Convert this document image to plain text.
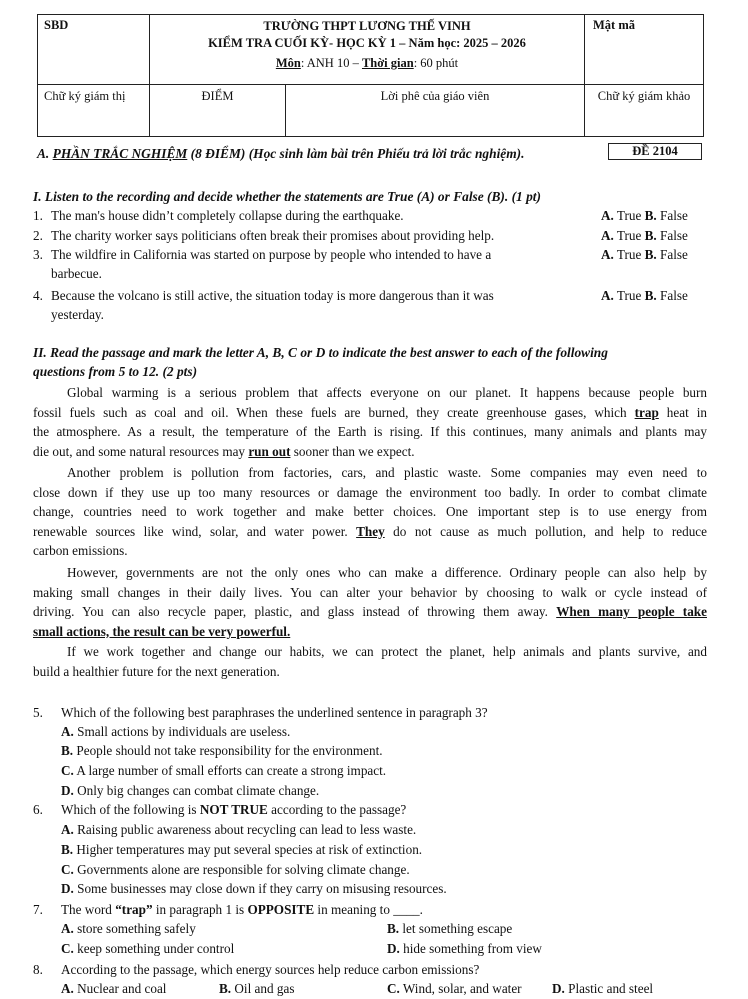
SBD	TRƯỜNG THPT LƯƠNG THẾ VINH
KIỂM TRA CUỐI KỲ- HỌC KỲ 1 – Năm học: 2025 – 2026
Môn: ANH 10 – Thời gian: 60 phút		Mật mã
Chữ ký giám thị	ĐIỂM	Lời phê của giáo viên	Chữ ký giám khảo
A. PHẦN TRẮC NGHIỆM (8 ĐIỂM) (Học sinh làm bài trên Phiếu trả lời trắc nghiệm).	ĐỀ 2104
I. Listen to the recording and decide whether the statements are True (A) or False (B). (1 pt)
1. The man's house didn’t completely collapse during the earthquake.	A. True B. False
2. The charity worker says politicians often break their promises about providing help.	A. True B. False
3. The wildfire in California was started on purpose by people who intended to have a
barbecue.
A. True B. False
4. Because the volcano is still active, the situation today is more dangerous than it was
yesterday.
A. True B. False
II. Read the passage and mark the letter A, B, C or D to indicate the best answer to each of the following
questions from 5 to 12. (2 pts)
Global warming is a serious problem that affects everyone on our planet. It happens because people burn
fossil fuels such as coal and oil. When these fuels are burned, they create greenhouse gases, which trap heat in
the atmosphere. As a result, the temperature of the Earth is rising. If this continues, many animals and plants may
die out, and some natural resources may run out sooner than we expect.
Another problem is pollution from factories, cars, and plastic waste. Some companies may even need to
close down if they use up too many resources or damage the environment too badly. In order to combat climate
change, countries need to work together and make better choices. One important step is to use energy from
renewable sources like wind, solar, and water power. They do not cause as much pollution, and help to reduce
carbon emissions.
However, governments are not the only ones who can make a difference. Ordinary people can also help by
making small changes in their daily lives. You can alter your behavior by choosing to walk or cycle instead of
driving. You can also recycle paper, plastic, and glass instead of throwing them away. When many people take
small actions, the result can be very powerful.
If we work together and change our habits, we can protect the planet, help animals and plants survive, and
build a healthier future for the next generation.
5. Which of the following best paraphrases the underlined sentence in paragraph 3?
A. Small actions by individuals are useless.
B. People should not take responsibility for the environment.
C. A large number of small efforts can create a strong impact.
D. Only big changes can combat climate change.
6. Which of the following is NOT TRUE according to the passage?
A. Raising public awareness about recycling can lead to less waste.
B. Higher temperatures may put several species at risk of extinction.
C. Governments alone are responsible for solving climate change.
D. Some businesses may close down if they carry on misusing resources.
7. The word “trap” in paragraph 1 is OPPOSITE in meaning to ____.
A. store something safely	B. let something escape
C. keep something under control	D. hide something from view
8. According to the passage, which energy sources help reduce carbon emissions?
A. Nuclear and coal	B. Oil and gas	C. Wind, solar, and water D. Plastic and steel
